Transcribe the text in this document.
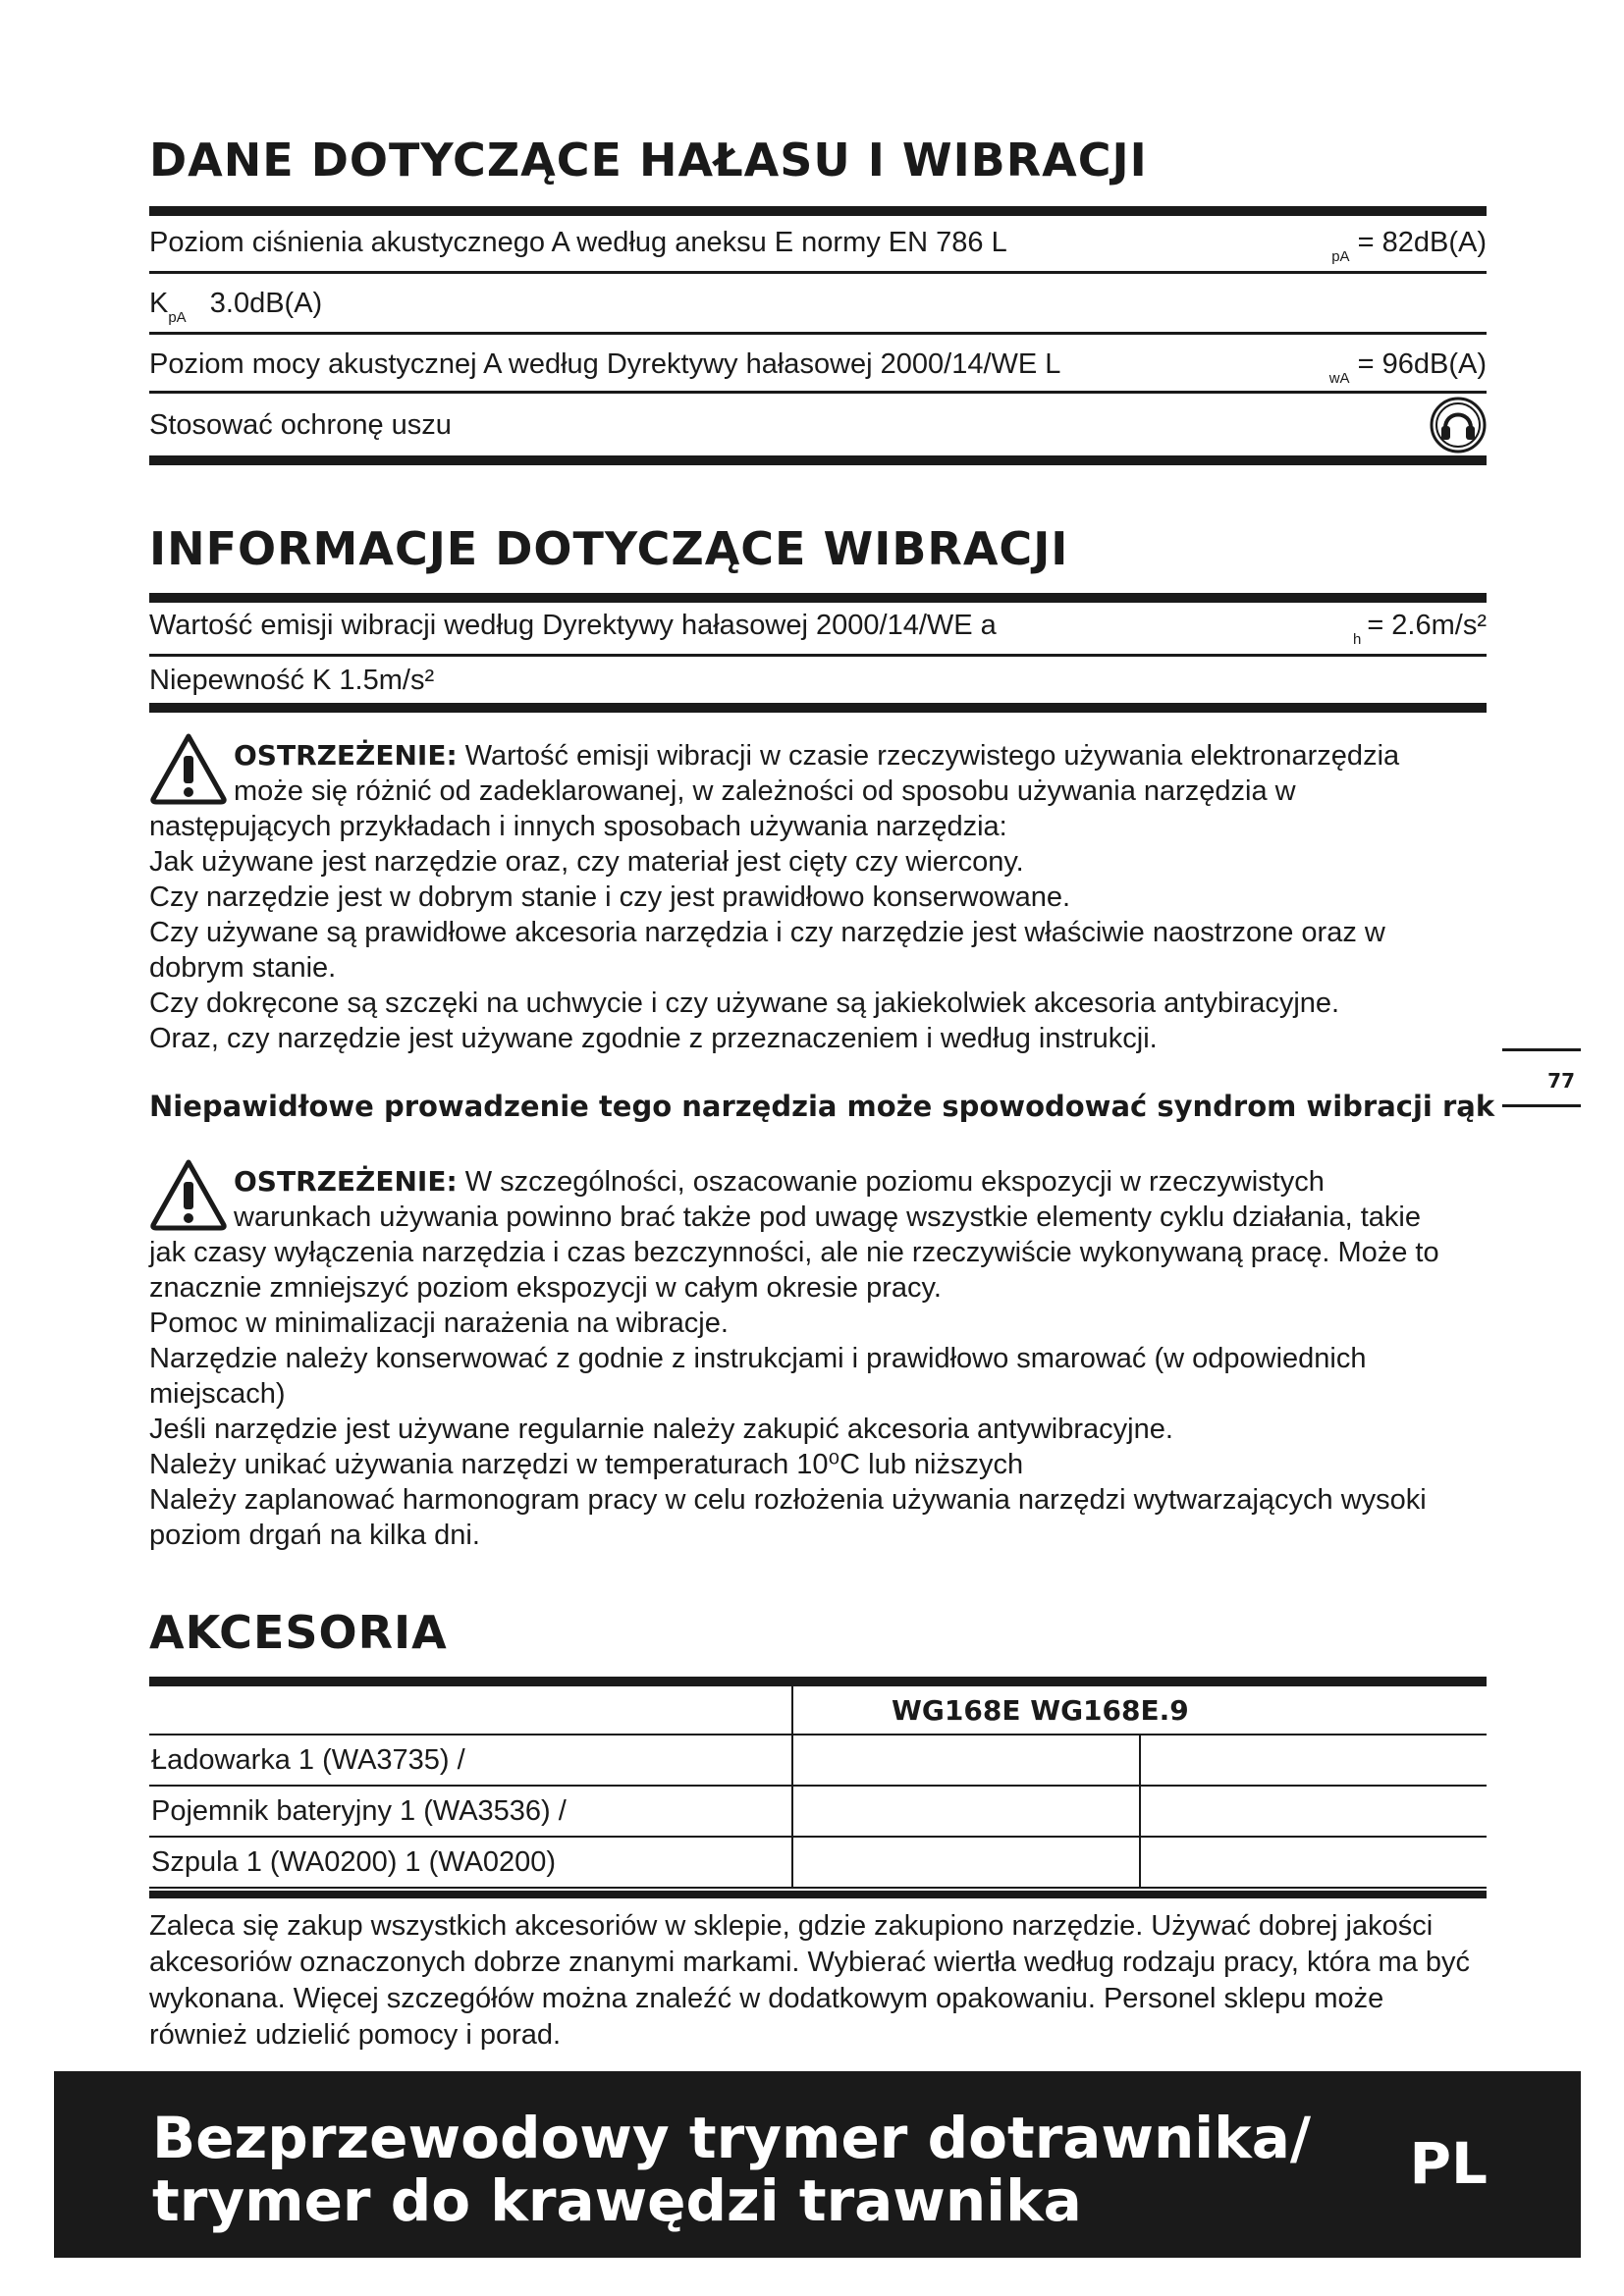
DANE DOTYCZĄCE HAŁASU I WIBRACJI
Poziom ciśnienia akustycznego A według aneksu E normy EN 786 L	$_{pA}$ = 82dB(A)
$K_{pA}$ 3.0dB(A)
Poziom mocy akustycznej A według Dyrektywy hałasowej 2000/14/WE L	$_{wA}$ = 96dB(A)
Stosować ochronę uszu
INFORMACJE DOTYCZĄCE WIBRACJI
Wartość emisji wibracji według Dyrektywy hałasowej 2000/14/WE a	$_h$ = 2.6m/s²
Niepewność K 1.5m/s²

OSTRZEŻENIE: Wartość emisji wibracji w czasie rzeczywistego używania elektronarzędzia

może się różnić od zadeklarowanej, w zależności od sposobu używania narzędzia w

następujących przykładach i innych sposobach używania narzędzia:

Jak używane jest narzędzie oraz, czy materiał jest cięty czy wiercony.

Czy narzędzie jest w dobrym stanie i czy jest prawidłowo konserwowane.

Czy używane są prawidłowe akcesoria narzędzia i czy narzędzie jest właściwie naostrzone oraz w dobrym stanie.

Czy dokręcone są szczęki na uchwycie i czy używane są jakiekolwiek akcesoria antybiracyjne.

Oraz, czy narzędzie jest używane zgodnie z przeznaczeniem i według instrukcji.

Niepawidłowe prowadzenie tego narzędzia może spowodować syndrom wibracji rąk
77

OSTRZEŻENIE: W szczególności, oszacowanie poziomu ekspozycji w rzeczywistych

warunkach używania powinno brać także pod uwagę wszystkie elementy cyklu działania, takie

jak czasy wyłączenia narzędzia i czas bezczynności, ale nie rzeczywiście wykonywaną pracę. Może to znacznie zmniejszyć poziom ekspozycji w całym okresie pracy.

Pomoc w minimalizacji narażenia na wibracje.

Narzędzie należy konserwować z godnie z instrukcjami i prawidłowo smarować (w odpowiednich miejscach)

Jeśli narzędzie jest używane regularnie należy zakupić akcesoria antywibracyjne.

Należy unikać używania narzędzi w temperaturach 10⁰C lub niższych

Należy zaplanować harmonogram pracy w celu rozłożenia używania narzędzi wytwarzających wysoki poziom drgań na kilka dni.

AKCESORIA
	WG168E WG168E.9	
Ładowarka 1 (WA3735) /		
Pojemnik bateryjny 1 (WA3536) /		
Szpula 1 (WA0200) 1 (WA0200)		
Zaleca się zakup wszystkich akcesoriów w sklepie, gdzie zakupiono narzędzie. Używać dobrej jakości akcesoriów oznaczonych dobrze znanymi markami. Wybierać wiertła według rodzaju pracy, która ma być wykonana. Więcej szczegółów można znaleźć w dodatkowym opakowaniu. Personel sklepu może również udzielić pomocy i porad.
Bezprzewodowy trymer dotrawnika/
trymer do krawędzi trawnika
PL
